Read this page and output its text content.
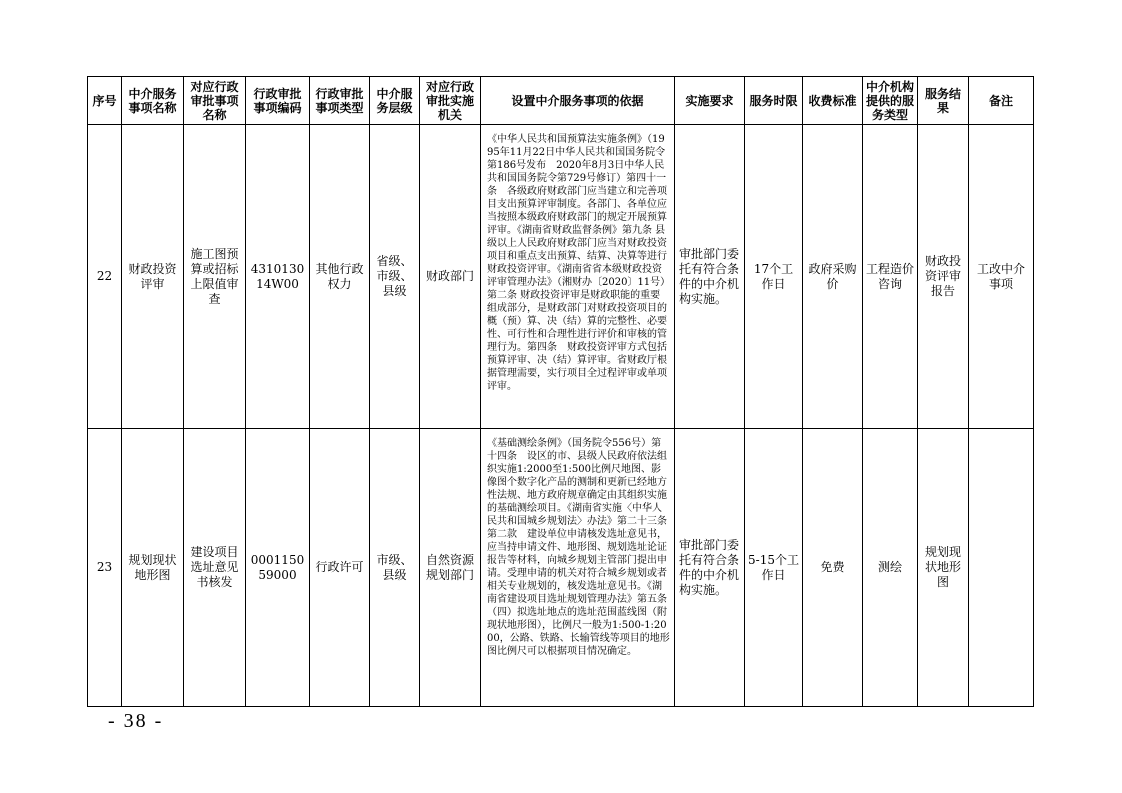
序号	中介服务事项名称	对应行政审批事项名称	行政审批事项编码	行政审批事项类型	中介服务层级	对应行政审批实施机关	设置中介服务事项的依据	实施要求	服务时限	收费标准	中介机构提供的服务类型	服务结果	备注
22	财政投资评审	施工图预算或招标上限值审查	431013014W00	其他行政权力	省级、市级、县级	财政部门	《中华人民共和国预算法实施条例》（1995年11月22日中华人民共和国国务院令第186号发布　2020年8月3日中华人民共和国国务院令第729号修订）第四十一条　各级政府财政部门应当建立和完善项目支出预算评审制度。各部门、各单位应当按照本级政府财政部门的规定开展预算评审。《湖南省财政监督条例》第九条 县级以上人民政府财政部门应当对财政投资项目和重点支出预算、结算、决算等进行财政投资评审。《湖南省省本级财政投资评审管理办法》（湘财办〔2020〕11号）第二条 财政投资评审是财政职能的重要组成部分，是财政部门对财政投资项目的概（预）算、决（结）算的完整性、必要性、可行性和合理性进行评价和审核的管理行为。第四条　财政投资评审方式包括预算评审、决（结）算评审。省财政厅根据管理需要，实行项目全过程评审或单项评审。	审批部门委托有符合条件的中介机构实施。	17个工作日	政府采购价	工程造价咨询	财政投资评审报告	工改中介事项
23	规划现状地形图	建设项目选址意见书核发	000115059000	行政许可	市级、县级	自然资源规划部门	《基础测绘条例》（国务院令556号）第十四条　设区的市、县级人民政府依法组织实施1:2000至1:500比例尺地图、影像图个数字化产品的测制和更新已经地方性法规、地方政府规章确定由其组织实施的基础测绘项目。《湖南省实施〈中华人民共和国城乡规划法〉办法》第二十三条第二款　建设单位申请核发选址意见书，应当持申请文件、地形图、规划选址论证报告等材料，向城乡规划主管部门提出申请。受理申请的机关对符合城乡规划或者相关专业规划的，核发选址意见书。《湖南省建设项目选址规划管理办法》第五条　（四）拟选址地点的选址范围蓝线图（附现状地形图），比例尺一般为1:500-1:2000，公路、铁路、长输管线等项目的地形图比例尺可以根据项目情况确定。	审批部门委托有符合条件的中介机构实施。	5-15个工作日	免费	测绘	规划现状地形图	
- 38 -
